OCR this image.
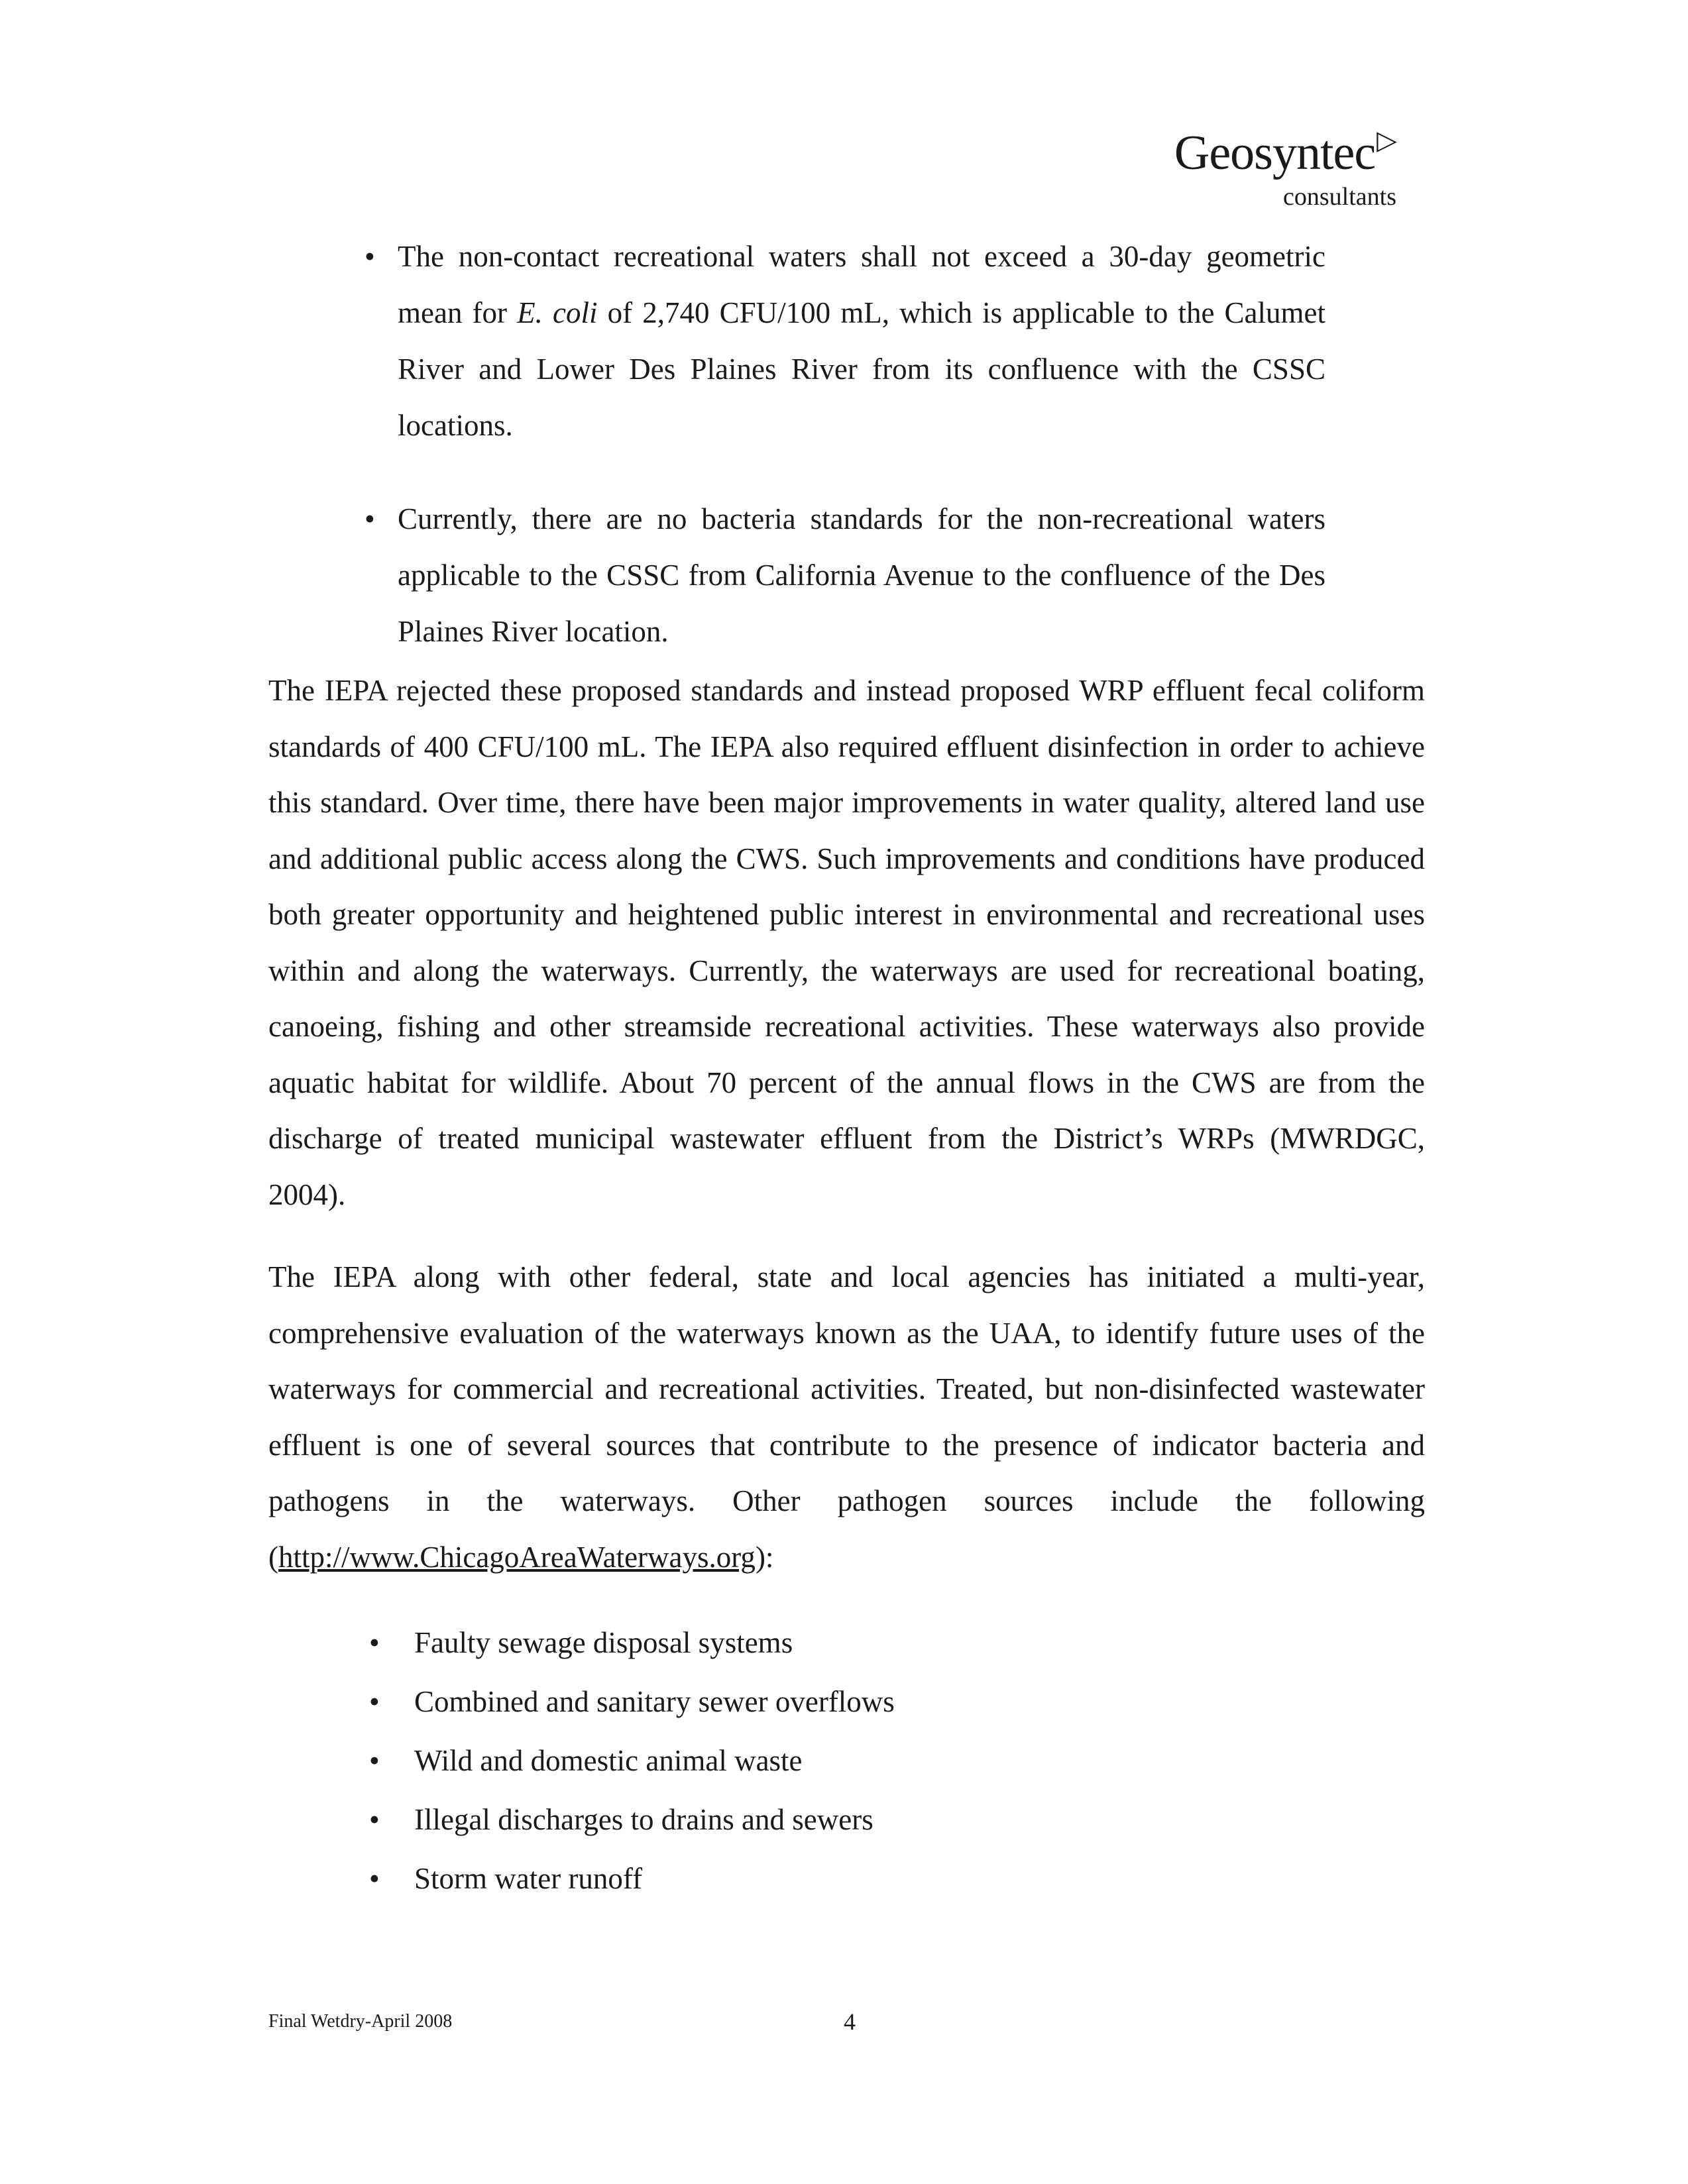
Geosyntec▷
consultants
• The non-contact recreational waters shall not exceed a 30-day geometric mean for E. coli of 2,740 CFU/100 mL, which is applicable to the Calumet River and Lower Des Plaines River from its confluence with the CSSC locations.
• Currently, there are no bacteria standards for the non-recreational waters applicable to the CSSC from California Avenue to the confluence of the Des Plaines River location.

The IEPA rejected these proposed standards and instead proposed WRP effluent fecal coliform standards of 400 CFU/100 mL. The IEPA also required effluent disinfection in order to achieve this standard. Over time, there have been major improvements in water quality, altered land use and additional public access along the CWS. Such improvements and conditions have produced both greater opportunity and heightened public interest in environmental and recreational uses within and along the waterways. Currently, the waterways are used for recreational boating, canoeing, fishing and other streamside recreational activities. These waterways also provide aquatic habitat for wildlife. About 70 percent of the annual flows in the CWS are from the discharge of treated municipal wastewater effluent from the District’s WRPs (MWRDGC, 2004).

The IEPA along with other federal, state and local agencies has initiated a multi-year, comprehensive evaluation of the waterways known as the UAA, to identify future uses of the waterways for commercial and recreational activities. Treated, but non-disinfected wastewater effluent is one of several sources that contribute to the presence of indicator bacteria and pathogens in the waterways. Other pathogen sources include the following (http://www.ChicagoAreaWaterways.org):

• Faulty sewage disposal systems
• Combined and sanitary sewer overflows
• Wild and domestic animal waste
• Illegal discharges to drains and sewers
• Storm water runoff
Final Wetdry-April 2008	4
